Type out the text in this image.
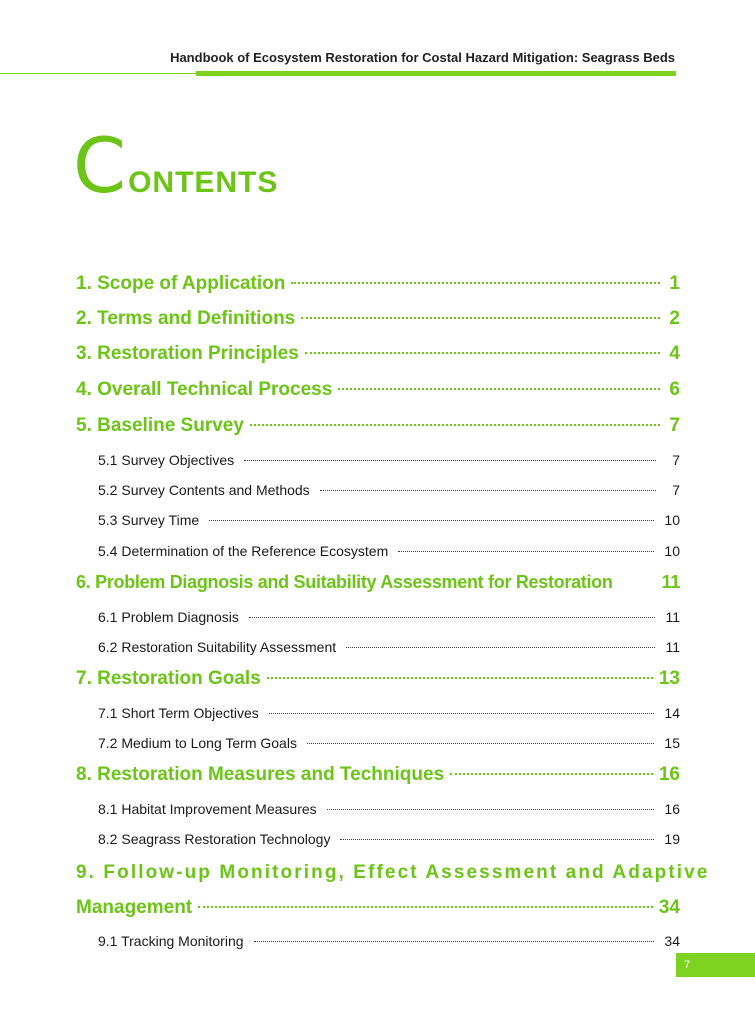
Handbook of Ecosystem Restoration for Costal Hazard Mitigation: Seagrass Beds
CONTENTS
1. Scope of Application	1
2. Terms and Definitions	2
3. Restoration Principles	4
4. Overall Technical Process	6
5. Baseline Survey	7
5.1 Survey Objectives	7
5.2 Survey Contents and Methods	7
5.3 Survey Time	10
5.4 Determination of the Reference Ecosystem	10
6. Problem Diagnosis and Suitability Assessment for Restoration	11
6.1 Problem Diagnosis	11
6.2 Restoration Suitability Assessment	11
7. Restoration Goals	13
7.1 Short Term Objectives	14
7.2 Medium to Long Term Goals	15
8. Restoration Measures and Techniques	16
8.1 Habitat Improvement Measures	16
8.2 Seagrass Restoration Technology	19
9. Follow-up Monitoring, Effect Assessment and Adaptive
Management	34
9.1 Tracking Monitoring	34
7
